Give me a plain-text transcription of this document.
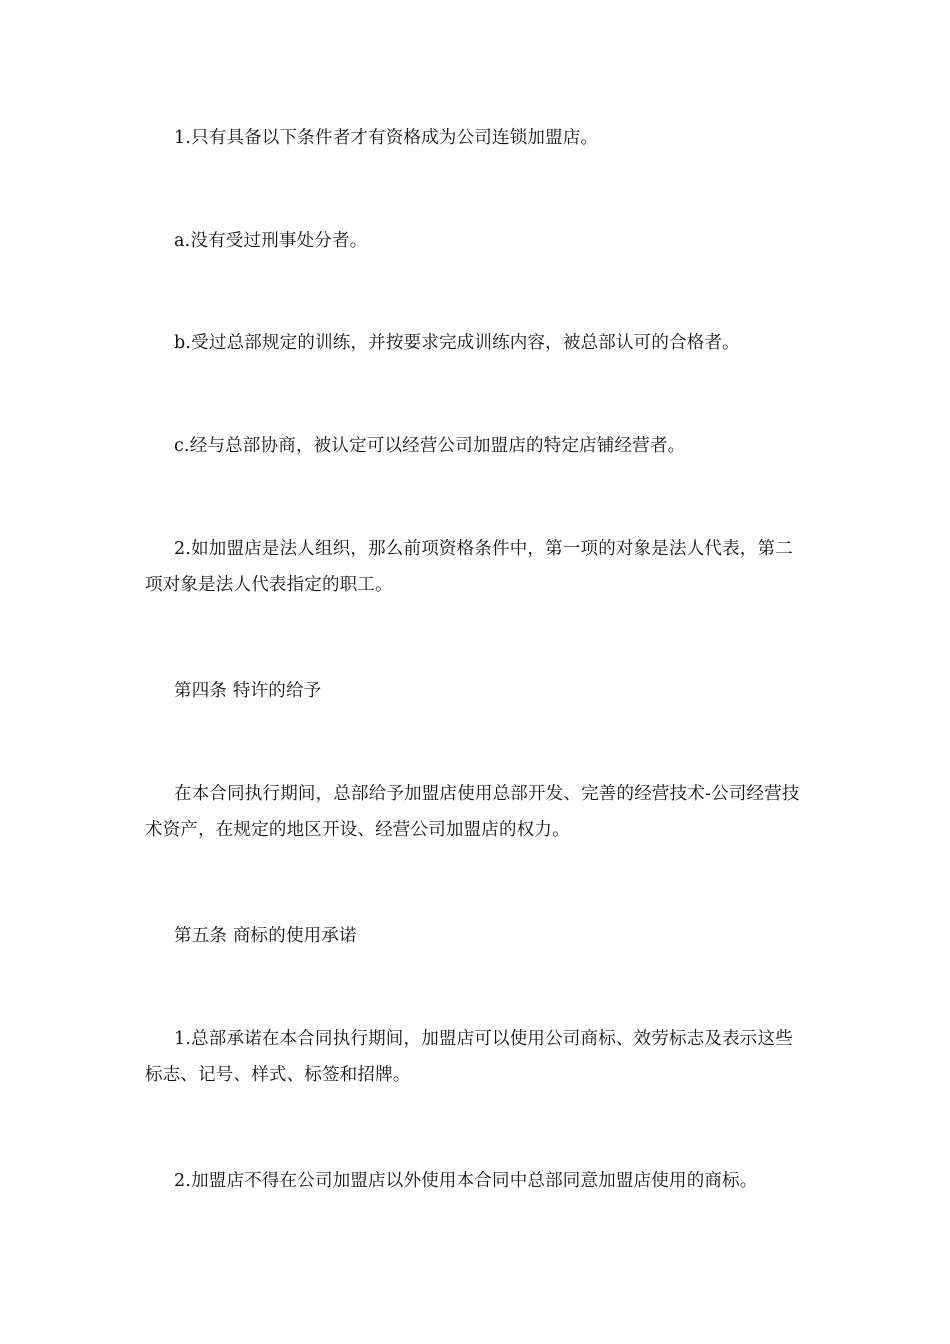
1.只有具备以下条件者才有资格成为公司连锁加盟店。

a.没有受过刑事处分者。

b.受过总部规定的训练，并按要求完成训练内容，被总部认可的合格者。

c.经与总部协商，被认定可以经营公司加盟店的特定店铺经营者。

2.如加盟店是法人组织，那么前项资格条件中，第一项的对象是法人代表，第二项对象是法人代表指定的职工。

第四条 特许的给予

在本合同执行期间，总部给予加盟店使用总部开发、完善的经营技术-公司经营技术资产，在规定的地区开设、经营公司加盟店的权力。

第五条 商标的使用承诺

1.总部承诺在本合同执行期间，加盟店可以使用公司商标、效劳标志及表示这些标志、记号、样式、标签和招牌。

2.加盟店不得在公司加盟店以外使用本合同中总部同意加盟店使用的商标。
